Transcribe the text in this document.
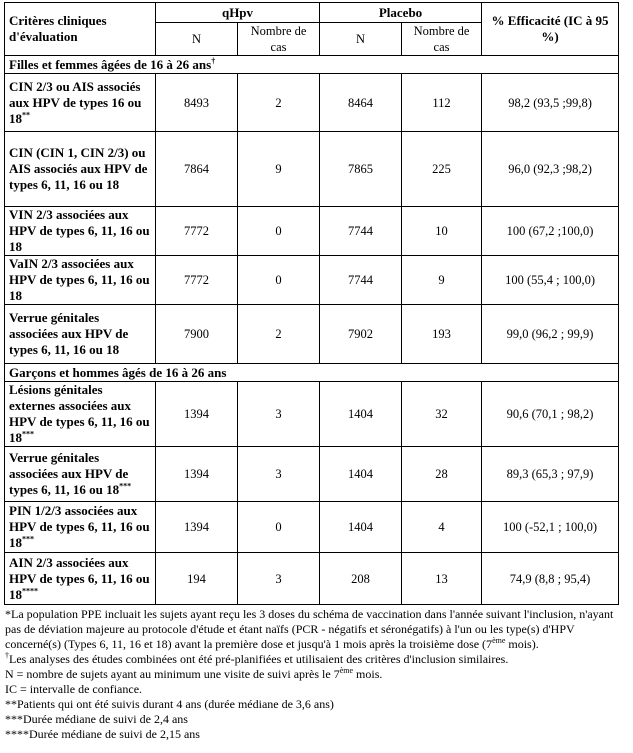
Critères cliniques d'évaluation	qHpv		Placebo		% Efficacité (IC à 95 %)
	N	Nombre de cas	N	Nombre de cas	
Filles et femmes âgées de 16 à 26 ans†
CIN 2/3 ou AIS associés aux HPV de types 16 ou 18**	8493	2	8464	112	98,2 (93,5 ;99,8)
CIN (CIN 1, CIN 2/3) ou AIS associés aux HPV de types 6, 11, 16 ou 18	7864	9	7865	225	96,0 (92,3 ;98,2)
VIN 2/3 associées aux HPV de types 6, 11, 16 ou 18	7772	0	7744	10	100 (67,2 ;100,0)
VaIN 2/3 associées aux HPV de types 6, 11, 16 ou 18	7772	0	7744	9	100 (55,4 ; 100,0)
Verrue génitales associées aux HPV de types 6, 11, 16 ou 18	7900	2	7902	193	99,0 (96,2 ; 99,9)
Garçons et hommes âgés de 16 à 26 ans					
Lésions génitales externes associées aux HPV de types 6, 11, 16 ou 18***	1394	3	1404	32	90,6 (70,1 ; 98,2)
Verrue génitales associées aux HPV de types 6, 11, 16 ou 18***	1394	3	1404	28	89,3 (65,3 ; 97,9)
PIN 1/2/3 associées aux HPV de types 6, 11, 16 ou 18***	1394	0	1404	4	100 (-52,1 ; 100,0)
AIN 2/3 associées aux HPV de types 6, 11, 16 ou 18****	194	3	208	13	74,9 (8,8 ; 95,4)
*La population PPE incluait les sujets ayant reçu les 3 doses du schéma de vaccination dans l'année suivant l'inclusion, n'ayant pas de déviation majeure au protocole d'étude et étant naïfs (PCR - négatifs et séronégatifs) à l'un ou les type(s) d'HPV concerné(s) (Types 6, 11, 16 et 18) avant la première dose et jusqu'à 1 mois après la troisième dose (7ème mois).
†Les analyses des études combinées ont été pré-planifiées et utilisaient des critères d'inclusion similaires.
N = nombre de sujets ayant au minimum une visite de suivi après le 7ème mois.
IC = intervalle de confiance.
**Patients qui ont été suivis durant 4 ans (durée médiane de 3,6 ans)
***Durée médiane de suivi de 2,4 ans
****Durée médiane de suivi de 2,15 ans
